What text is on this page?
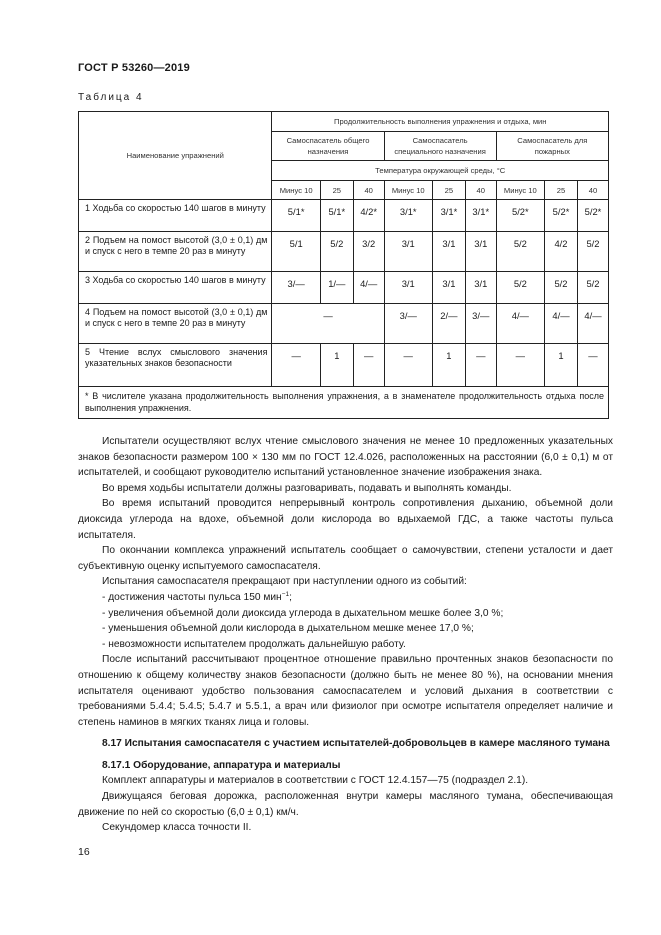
ГОСТ Р 53260—2019
Таблица 4
Наименование упражнений	Продолжительность выполнения упражнения и отдыха, мин								
	Самоспасатель общего назначения			Самоспасатель специального назначения			Самоспасатель для пожарных		
	Температура окружающей среды, °С								
	Минус 10	25	40	Минус 10	25	40	Минус 10	25	40
1 Ходьба со скоростью 140 шагов в минуту	5/1*	5/1*	4/2*	3/1*	3/1*	3/1*	5/2*	5/2*	5/2*
2 Подъем на помост высотой (3,0 ± 0,1) дм и спуск с него в темпе 20 раз в минуту	5/1	5/2	3/2	3/1	3/1	3/1	5/2	4/2	5/2
3 Ходьба со скоростью 140 шагов в минуту	3/—	1/—	4/—	3/1	3/1	3/1	5/2	5/2	5/2
4 Подъем на помост высотой (3,0 ± 0,1) дм и спуск с него в темпе 20 раз в минуту	—			3/—	2/—	3/—	4/—	4/—	4/—
5 Чтение вслух смыслового значения указательных знаков безопасности	—	1	—	—	1	—	—	1	—
* В числителе указана продолжительность выполнения упражнения, а в знаменателе продолжительность отдыха после выполнения упражнения.									

Испытатели осуществляют вслух чтение смыслового значения не менее 10 предложенных указательных знаков безопасности размером 100 × 130 мм по ГОСТ 12.4.026, расположенных на расстоянии (6,0 ± 0,1) м от испытателей, и сообщают руководителю испытаний установленное значение изображения знака.

Во время ходьбы испытатели должны разговаривать, подавать и выполнять команды.

Во время испытаний проводится непрерывный контроль сопротивления дыханию, объемной доли диоксида углерода на вдохе, объемной доли кислорода во вдыхаемой ГДС, а также частоты пульса испытателя.

По окончании комплекса упражнений испытатель сообщает о самочувствии, степени усталости и дает субъективную оценку испытуемого самоспасателя.

Испытания самоспасателя прекращают при наступлении одного из событий:

- достижения частоты пульса 150 мин$^{-1}$;

- увеличения объемной доли диоксида углерода в дыхательном мешке более 3,0 %;

- уменьшения объемной доли кислорода в дыхательном мешке менее 17,0 %;

- невозможности испытателем продолжать дальнейшую работу.

После испытаний рассчитывают процентное отношение правильно прочтенных знаков безопасности по отношению к общему количеству знаков безопасности (должно быть не менее 80 %), на основании мнения испытателя оценивают удобство пользования самоспасателем и условий дыхания в соответствии с требованиями 5.4.4; 5.4.5; 5.4.7 и 5.5.1, а врач или физиолог при осмотре испытателя определяет наличие и степень наминов в мягких тканях лица и головы.

8.17 Испытания самоспасателя с участием испытателей-добровольцев в камере масляного тумана

8.17.1 Оборудование, аппаратура и материалы

Комплект аппаратуры и материалов в соответствии с ГОСТ 12.4.157—75 (подраздел 2.1).

Движущаяся беговая дорожка, расположенная внутри камеры масляного тумана, обеспечивающая движение по ней со скоростью (6,0 ± 0,1) км/ч.

Секундомер класса точности II.

16
